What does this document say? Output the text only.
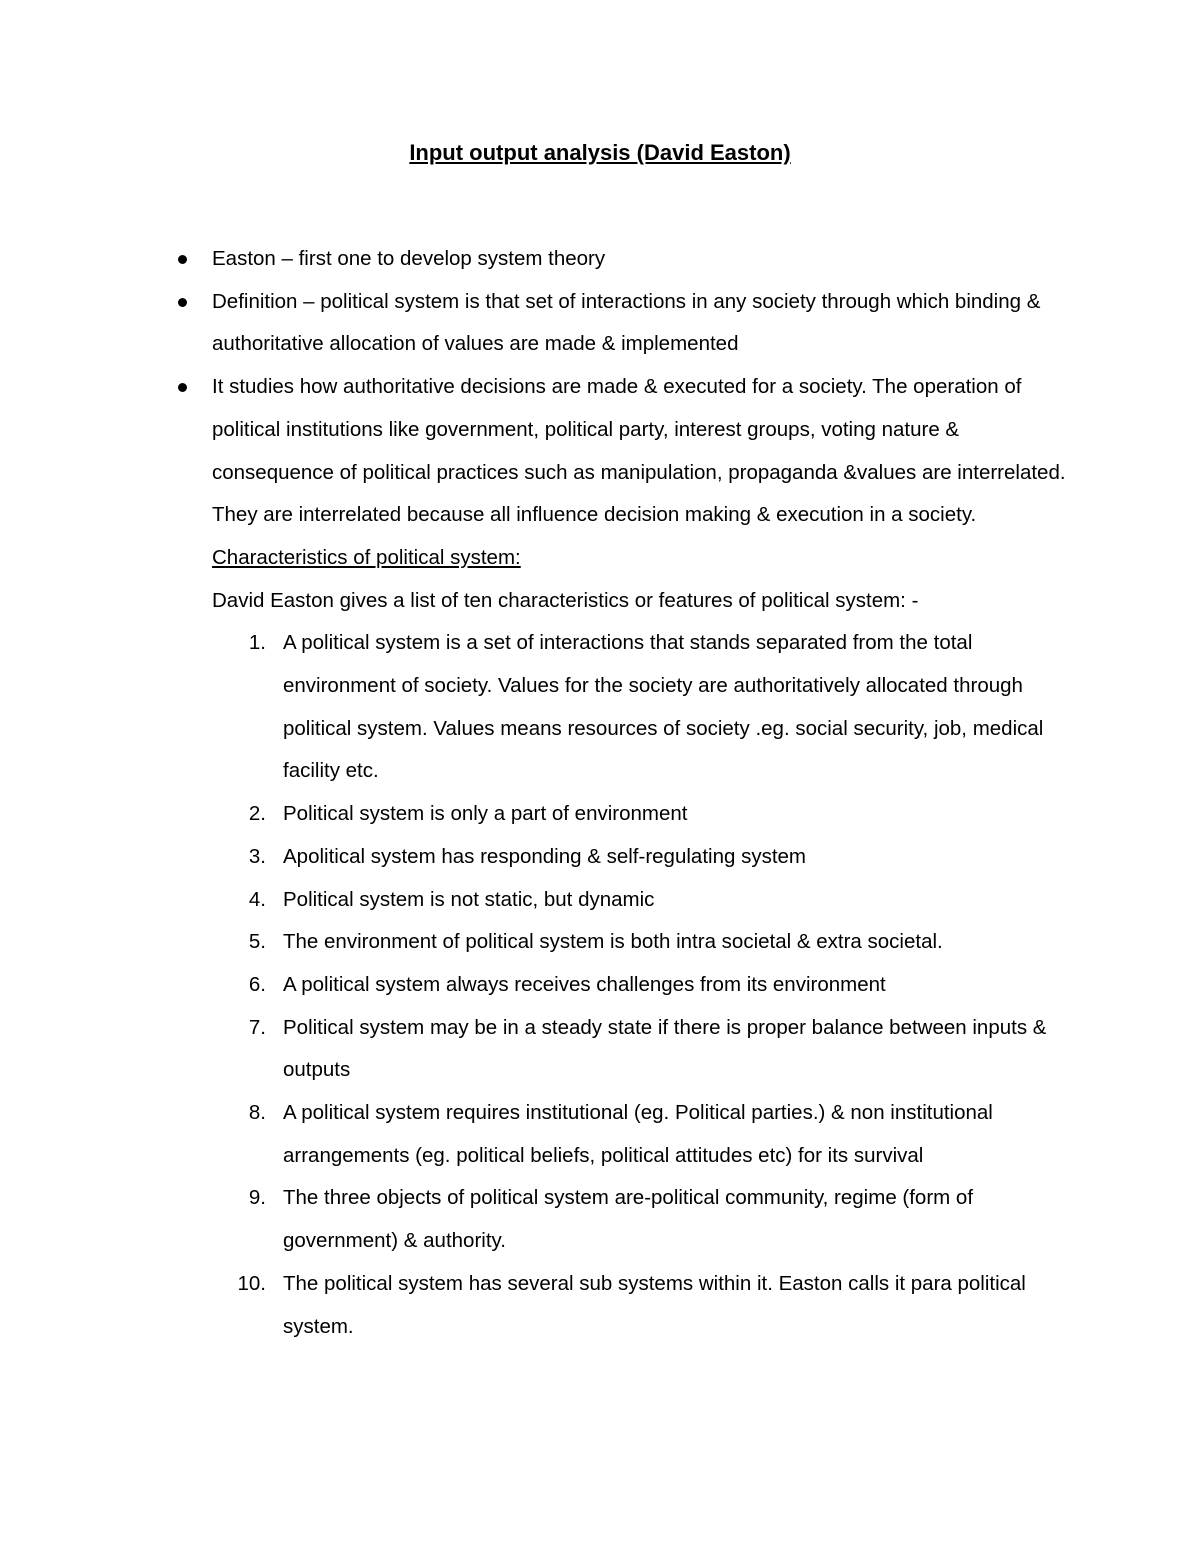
Input output analysis (David Easton)
Easton – first one to develop system theory
Definition – political system is that set of interactions in any society through which binding & authoritative allocation of values are made & implemented
It studies how authoritative decisions are made & executed for a society. The operation of political institutions like government, political party, interest groups, voting nature & consequence of political practices such as manipulation, propaganda &values are interrelated. They are interrelated because all influence decision making & execution in a society.
Characteristics of political system:
David Easton gives a list of ten characteristics or features of political system: -
1. A political system is a set of interactions that stands separated from the total environment of society. Values for the society are authoritatively allocated through political system. Values means resources of society .eg. social security, job, medical facility etc.
2. Political system is only a part of environment
3. Apolitical system has responding & self-regulating system
4. Political system is not static, but dynamic
5. The environment of political system is both intra societal & extra societal.
6. A political system always receives challenges from its environment
7. Political system may be in a steady state if there is proper balance between inputs & outputs
8. A political system requires institutional (eg. Political parties.) & non institutional arrangements (eg. political beliefs, political attitudes etc) for its survival
9. The three objects of political system are-political community, regime (form of government) & authority.
10. The political system has several sub systems within it. Easton calls it para political system.
